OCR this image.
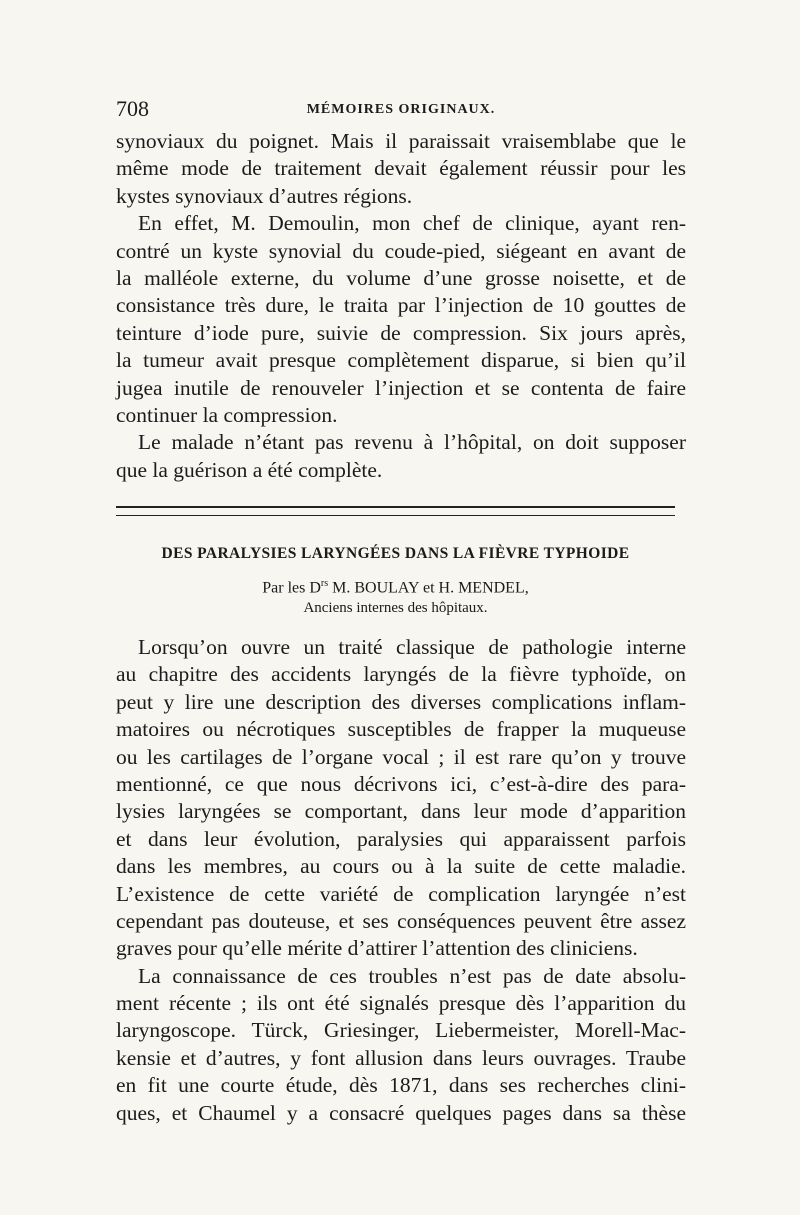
708	MÉMOIRES ORIGINAUX.
synoviaux du poignet. Mais il paraissait vraisemblabe que le
même mode de traitement devait également réussir pour les
kystes synoviaux d’autres régions.
En effet, M. Demoulin, mon chef de clinique, ayant ren-
contré un kyste synovial du coude-pied, siégeant en avant de
la malléole externe, du volume d’une grosse noisette, et de
consistance très dure, le traita par l’injection de 10 gouttes de
teinture d’iode pure, suivie de compression. Six jours après,
la tumeur avait presque complètement disparue, si bien qu’il
jugea inutile de renouveler l’injection et se contenta de faire
continuer la compression.
Le malade n’étant pas revenu à l’hôpital, on doit supposer
que la guérison a été complète.
DES PARALYSIES LARYNGÉES DANS LA FIÈVRE TYPHOIDE
Par les $D^{rs}$ M. BOULAY et H. MENDEL,
Anciens internes des hôpitaux.
Lorsqu’on ouvre un traité classique de pathologie interne
au chapitre des accidents laryngés de la fièvre typhoïde, on
peut y lire une description des diverses complications inflam-
matoires ou nécrotiques susceptibles de frapper la muqueuse
ou les cartilages de l’organe vocal ; il est rare qu’on y trouve
mentionné, ce que nous décrivons ici, c’est-à-dire des para-
lysies laryngées se comportant, dans leur mode d’apparition
et dans leur évolution, paralysies qui apparaissent parfois
dans les membres, au cours ou à la suite de cette maladie.
L’existence de cette variété de complication laryngée n’est
cependant pas douteuse, et ses conséquences peuvent être assez
graves pour qu’elle mérite d’attirer l’attention des cliniciens.
La connaissance de ces troubles n’est pas de date absolu-
ment récente ; ils ont été signalés presque dès l’apparition du
laryngoscope. Türck, Griesinger, Liebermeister, Morell-Mac-
kensie et d’autres, y font allusion dans leurs ouvrages. Traube
en fit une courte étude, dès 1871, dans ses recherches clini-
ques, et Chaumel y a consacré quelques pages dans sa thèse
